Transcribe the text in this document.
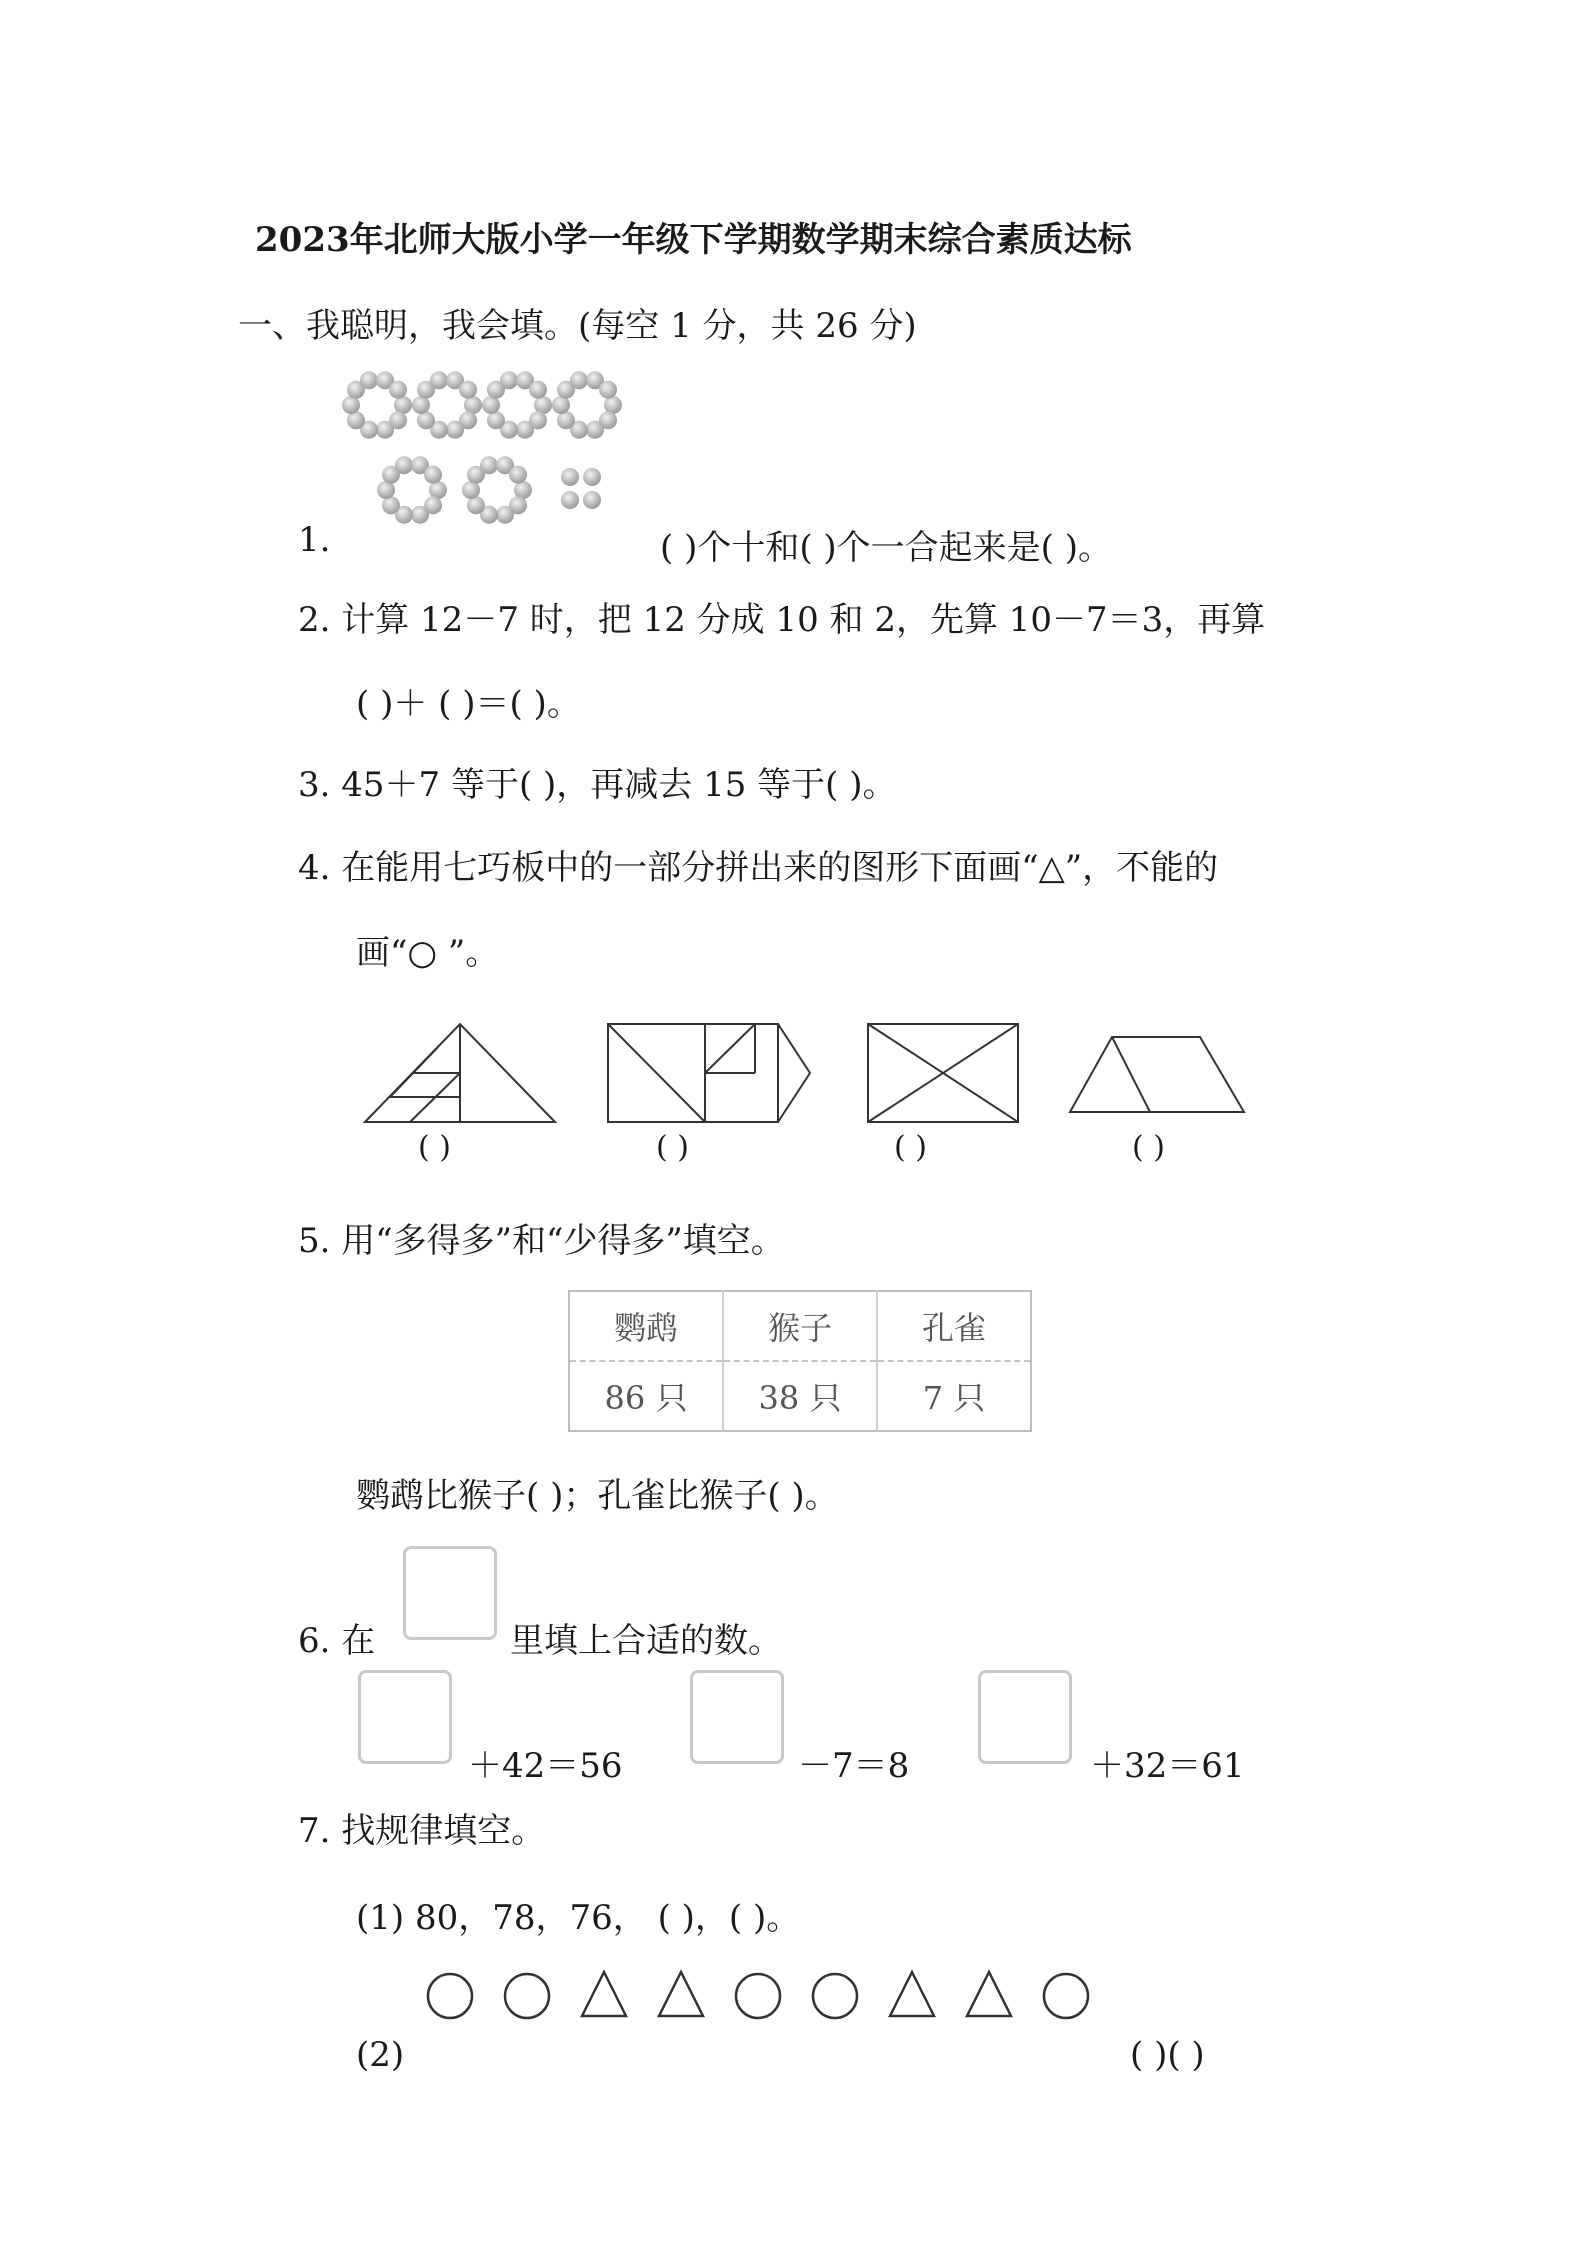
2023年北师大版小学一年级下学期数学期末综合素质达标
一、我聪明，我会填。(每空 1 分，共 26 分)
1.	( )个十和( )个一合起来是( )。
2. 计算 12－7 时，把 12 分成 10 和 2，先算 10－7＝3，再算
( )＋ ( )＝( )。
3. 45＋7 等于( )，再减去 15 等于( )。
4. 在能用七巧板中的一部分拼出来的图形下面画“△”，不能的
画“○ ”。
( )	( )	( )	( )
5. 用“多得多”和“少得多”填空。
鹦鹉	猴子	孔雀
86 只	38 只	7 只
鹦鹉比猴子( )；孔雀比猴子( )。
6. 在	里填上合适的数。
＋42＝56	－7＝8	＋32＝61
7. 找规律填空。
(1) 80，78，76， ( )，( )。
(2)	( )( )
